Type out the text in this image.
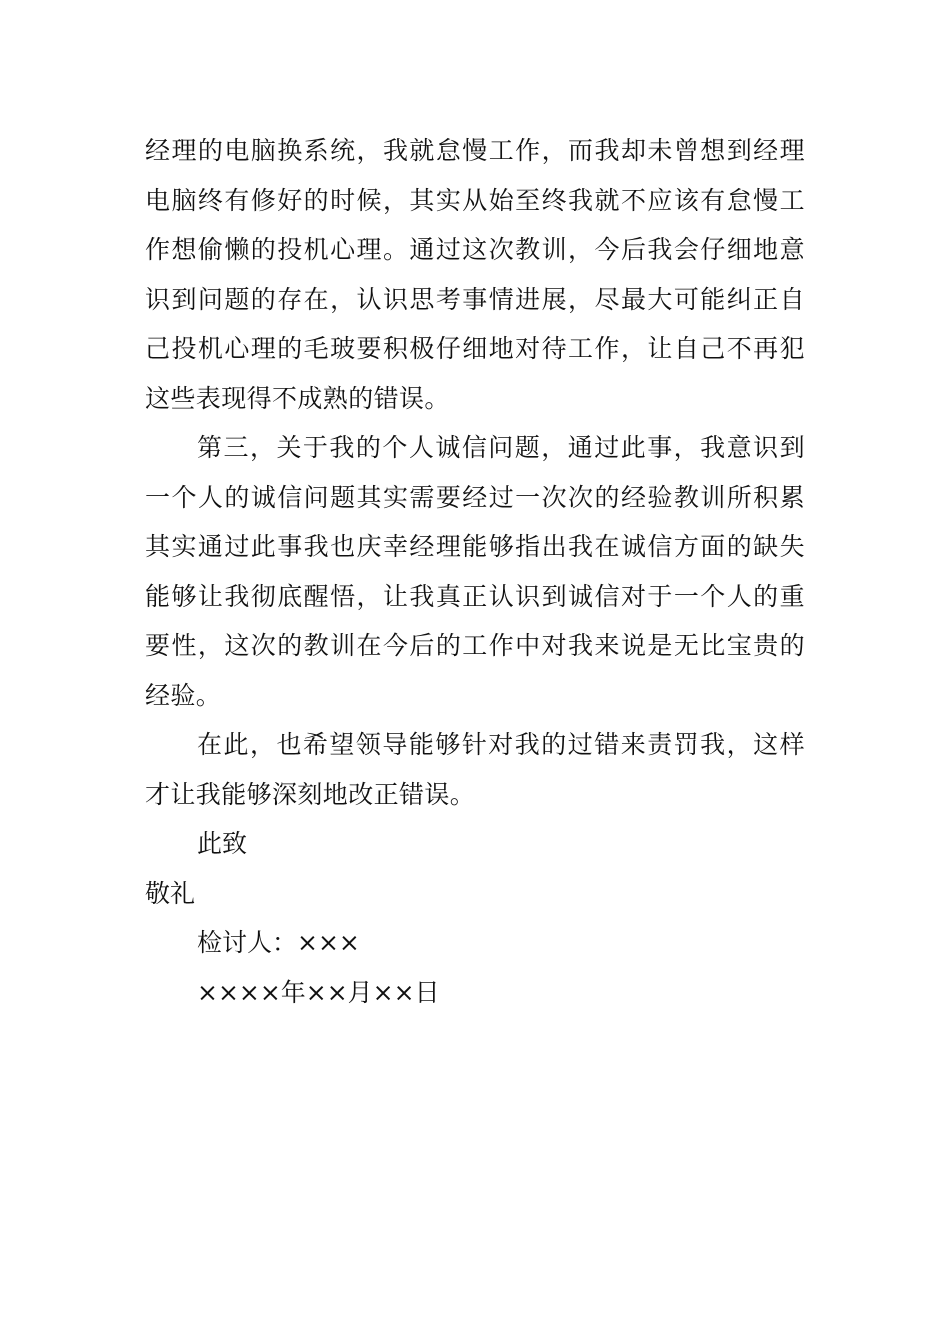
经理的电脑换系统，我就怠慢工作，而我却未曾想到经理电脑终有修好的时候，其实从始至终我就不应该有怠慢工作想偷懒的投机心理。通过这次教训，今后我会仔细地意识到问题的存在，认识思考事情进展，尽最大可能纠正自己投机心理的毛玻要积极仔细地对待工作，让自己不再犯这些表现得不成熟的错误。

第三，关于我的个人诚信问题，通过此事，我意识到一个人的诚信问题其实需要经过一次次的经验教训所积累其实通过此事我也庆幸经理能够指出我在诚信方面的缺失能够让我彻底醒悟，让我真正认识到诚信对于一个人的重要性，这次的教训在今后的工作中对我来说是无比宝贵的经验。

在此，也希望领导能够针对我的过错来责罚我，这样才让我能够深刻地改正错误。

此致

敬礼

检讨人：×××

××××年××月××日
